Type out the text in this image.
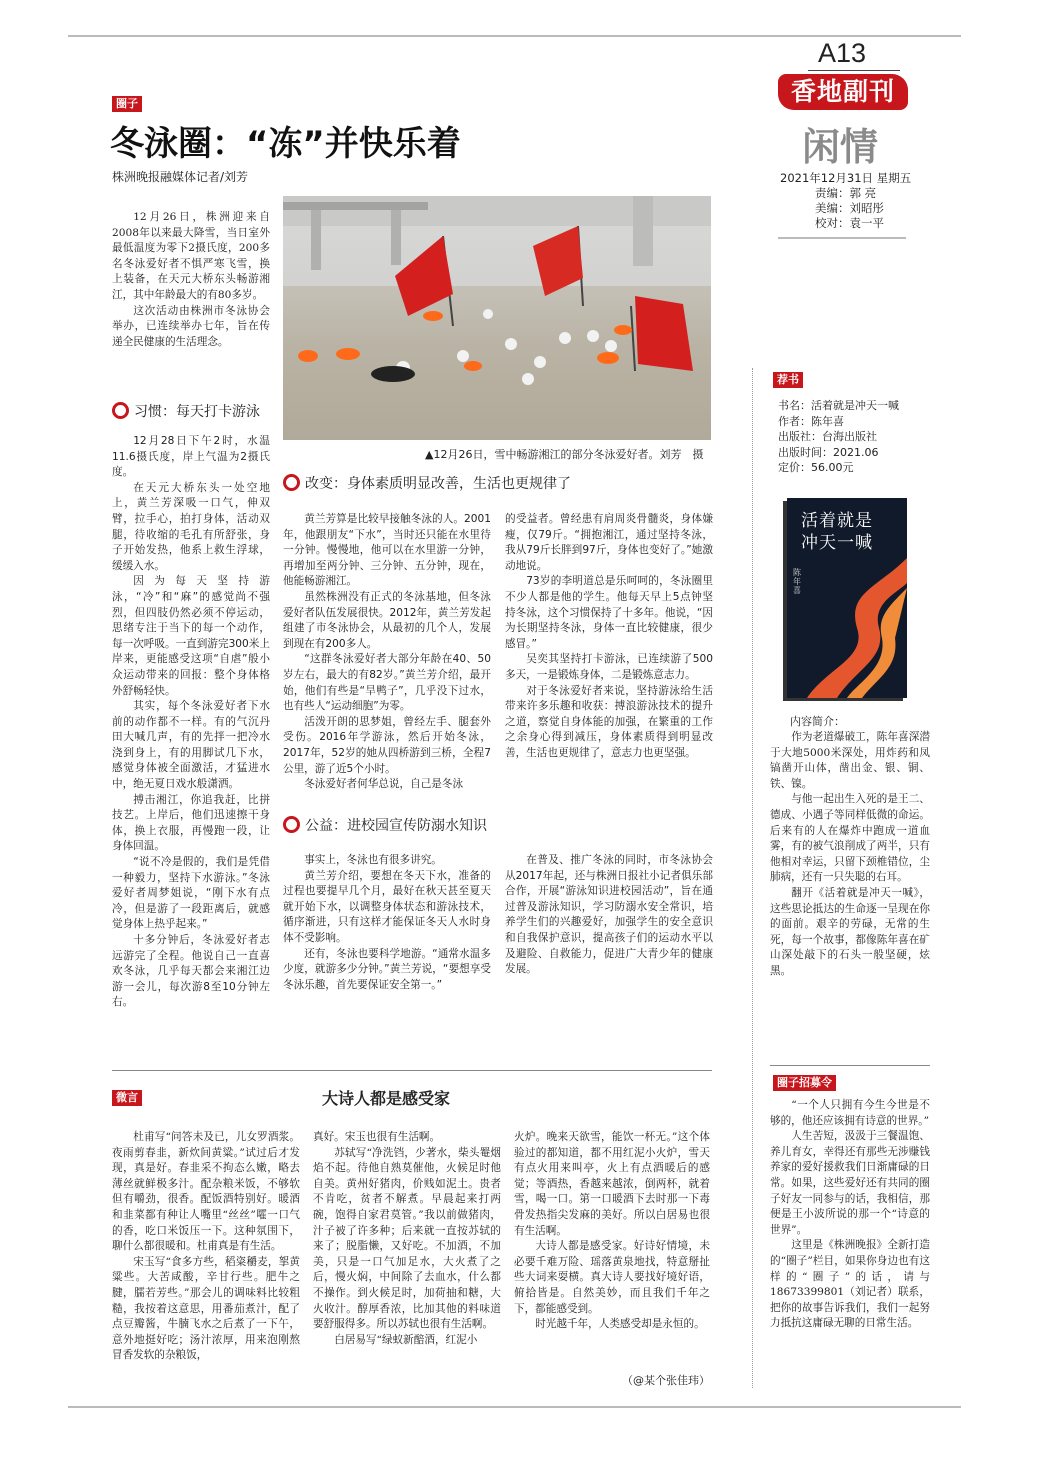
A13
香地副刊
闲情
2021年12月31日 星期五
责编：郭 亮
美编：刘昭彤
校对：袁一平
圈子
冬泳圈：“冻”并快乐着
株洲晚报融媒体记者/刘芳

12月26日，株洲迎来自2008年以来最大降雪，当日室外最低温度为零下2摄氏度，200多名冬泳爱好者不惧严寒飞雪，换上装备，在天元大桥东头畅游湘江，其中年龄最大的有80多岁。

这次活动由株洲市冬泳协会举办，已连续举办七年，旨在传递全民健康的生活理念。

▲12月26日，雪中畅游湘江的部分冬泳爱好者。刘芳　摄
习惯：每天打卡游泳

12月28日下午2时，水温11.6摄氏度，岸上气温为2摄氏度。

在天元大桥东头一处空地上，黄兰芳深吸一口气，伸双臂，拉手心，拍打身体，活动双腿，待收缩的毛孔有所舒张，身子开始发热，他系上救生浮球，缓缓入水。

因为每天坚持游泳，“冷”和“麻”的感觉尚不强烈，但四肢仍然必须不停运动，思绪专注于当下的每一个动作，每一次呼吸。一直到游完300米上岸来，更能感受这项“自虐”般小众运动带来的回报：整个身体格外舒畅轻快。

其实，每个冬泳爱好者下水前的动作都不一样。有的气沉丹田大喊几声，有的先拌一把冷水浇到身上，有的用脚试几下水，感觉身体被全面激活，才猛进水中，绝无夏日戏水般潇洒。

搏击湘江，你追我赶，比拼技艺。上岸后，他们迅速擦干身体，换上衣服，再慢跑一段，让身体回温。

“说不冷是假的，我们是凭借一种毅力，坚持下水游泳。”冬泳爱好者周梦姐说，“刚下水有点冷，但是游了一段距离后，就感觉身体上热乎起来。”

十多分钟后，冬泳爱好者志远游完了全程。他说自己一直喜欢冬泳，几乎每天都会来湘江边游一会儿，每次游8至10分钟左右。

改变：身体素质明显改善，生活也更规律了

黄兰芳算是比较早接触冬泳的人。2001年，他跟朋友“下水”，当时还只能在水里待一分钟。慢慢地，他可以在水里游一分钟，再增加至两分钟、三分钟、五分钟，现在，他能畅游湘江。

虽然株洲没有正式的冬泳基地，但冬泳爱好者队伍发展很快。2012年，黄兰芳发起组建了市冬泳协会，从最初的几个人，发展到现在有200多人。

“这群冬泳爱好者大部分年龄在40、50岁左右，最大的有82岁。”黄兰芳介绍，最开始，他们有些是“旱鸭子”，几乎没下过水，也有些人“运动细胞”为零。

活泼开朗的思梦姐，曾经左手、腿套外受伤。2016年学游泳，然后开始冬泳，2017年，52岁的她从四桥游到三桥，全程7公里，游了近5个小时。

冬泳爱好者何华总说，自己是冬泳

的受益者。曾经患有肩周炎骨髓炎，身体嫌瘦，仅79斤。“拥抱湘江，通过坚持冬泳，我从79斤长胖到97斤，身体也变好了。”她激动地说。

73岁的李明道总是乐呵呵的，冬泳圈里不少人都是他的学生。他每天早上5点钟坚持冬泳，这个习惯保持了十多年。他说，“因为长期坚持冬泳，身体一直比较健康，很少感冒。”

吴奕其坚持打卡游泳，已连续游了500多天，一是锻炼身体，二是锻炼意志力。

对于冬泳爱好者来说，坚持游泳给生活带来许多乐趣和收获：搏浪游泳技术的提升之道，察觉自身体能的加强，在繁重的工作之余身心得到减压，身体素质得到明显改善，生活也更规律了，意志力也更坚强。

公益：进校园宣传防溺水知识

事实上，冬泳也有很多讲究。

黄兰芳介绍，要想在冬天下水，准备的过程也要提早几个月，最好在秋天甚至夏天就开始下水，以调整身体状态和游泳技术，循序渐进，只有这样才能保证冬天人水时身体不受影响。

还有，冬泳也要科学地游。“通常水温多少度，就游多少分钟。”黄兰芳说，“要想享受冬泳乐趣，首先要保证安全第一。”

在普及、推广冬泳的同时，市冬泳协会从2017年起，还与株洲日报社小记者俱乐部合作，开展“游泳知识进校园活动”，旨在通过普及游泳知识，学习防溺水安全常识，培养学生们的兴趣爱好，加强学生的安全意识和自我保护意识，提高孩子们的运动水平以及避险、自救能力，促进广大青少年的健康发展。

微言	大诗人都是感受家

杜甫写“问答未及已，儿女罗酒浆。夜雨剪春韭，新炊间黄粱。”试过后才发现，真是好。春韭采不拘态么嫩，略去薄丝就鲜极多汁。配杂粮米饭，不够软但有嚼劲，很香。配饭酒特别好。暖酒和韭菜都有种让人嘴里“丝丝”嚯一口气的香，吃口米饭压一下。这种氛围下，聊什么都很暖和。杜甫真是有生活。

宋玉写“食多方些，稻粢穱麦，挐黄粱些。大苦咸酸，辛甘行些。肥牛之腱，臑若芳些。”那会儿的调味料比较粗糙，我按着这意思，用番茄煮汁，配了点豆瓣酱，牛腩飞水之后煮了一下午，意外地挺好吃；汤汁浓厚，用来泡刚熬冒香发软的杂粮饭，

真好。宋玉也很有生活啊。

苏轼写“净洗铛，少著水，柴头罨烟焰不起。待他自熟莫催他，火候足时他自美。黄州好猪肉，价贱如泥土。贵者不肯吃，贫者不解煮。早晨起来打两碗，饱得自家君莫管。”我以前做猪肉，汁子被了许多种；后来就一直按苏轼的来了；脱脂懒，又好吃。不加酒，不加美，只是一口气加足水，大火煮了之后，慢火焖，中间除了去血水，什么都不操作。到火候足时，加荷抽和糖，大火收汁。醇厚香浓，比加其他的料味道要舒服得多。所以苏轼也很有生活啊。

白居易写“绿蚁新醅酒，红泥小

火炉。晚来天欲雪，能饮一杯无。”这个体验过的都知道，都不用红泥小火炉，雪天有点火用来叫亭，火上有点酒暖后的感觉；等酒热，香越来越浓，倒两杯，就着雪，喝一口。第一口暖酒下去时那一下毒骨发热指尖发麻的美好。所以白居易也很有生活啊。

大诗人都是感受家。好诗好情境，未必要千难万险、瑶落黄泉地找，特意掰扯些大词来耍横。真大诗人要找好境好语，俯拾皆是。自然美妙，而且我们千年之下，都能感受到。

时光越千年，人类感受却是永恒的。

（@某个张佳玮）
荐书
书名：活着就是冲天一喊
作者：陈年喜
出版社：台海出版社
出版时间：2021.06
定价：56.00元
活着就是
冲天一喊
陈年喜
内容简介：

作为老道爆破工，陈年喜深潜于大地5000米深处，用炸药和凤镐凿开山体，凿出金、银、铜、铁、镍。

与他一起出生入死的是王二、德成、小遇子等同样低微的命运。后来有的人在爆炸中跑成一道血雾，有的被气浪削成了两半，只有他相对幸运，只留下颈椎错位，尘肺病，还有一只失聪的右耳。

翻开《活着就是冲天一喊》，这些思论抵达的生命逐一呈现在你的面前。艰辛的劳碌，无常的生死，每一个故事，都像陈年喜在矿山深处敲下的石头一般坚硬，炫黑。

圈子招募令

“一个人只拥有今生今世是不够的，他还应该拥有诗意的世界。”

人生苦短，汲汲于三餐温饱、养儿育女，幸得还有那些无涉赚钱养家的爱好援救我们日渐庸碌的日常。如果，这些爱好还有共同的圈子好友一同参与的话，我相信，那便是王小波所说的那一个“诗意的世界”。

这里是《株洲晚报》全新打造的“圈子”栏目，如果你身边也有这样的“圈子”的话，请与18673399801（刘记者）联系，把你的故事告诉我们，我们一起努力抵抗这庸碌无聊的日常生活。
